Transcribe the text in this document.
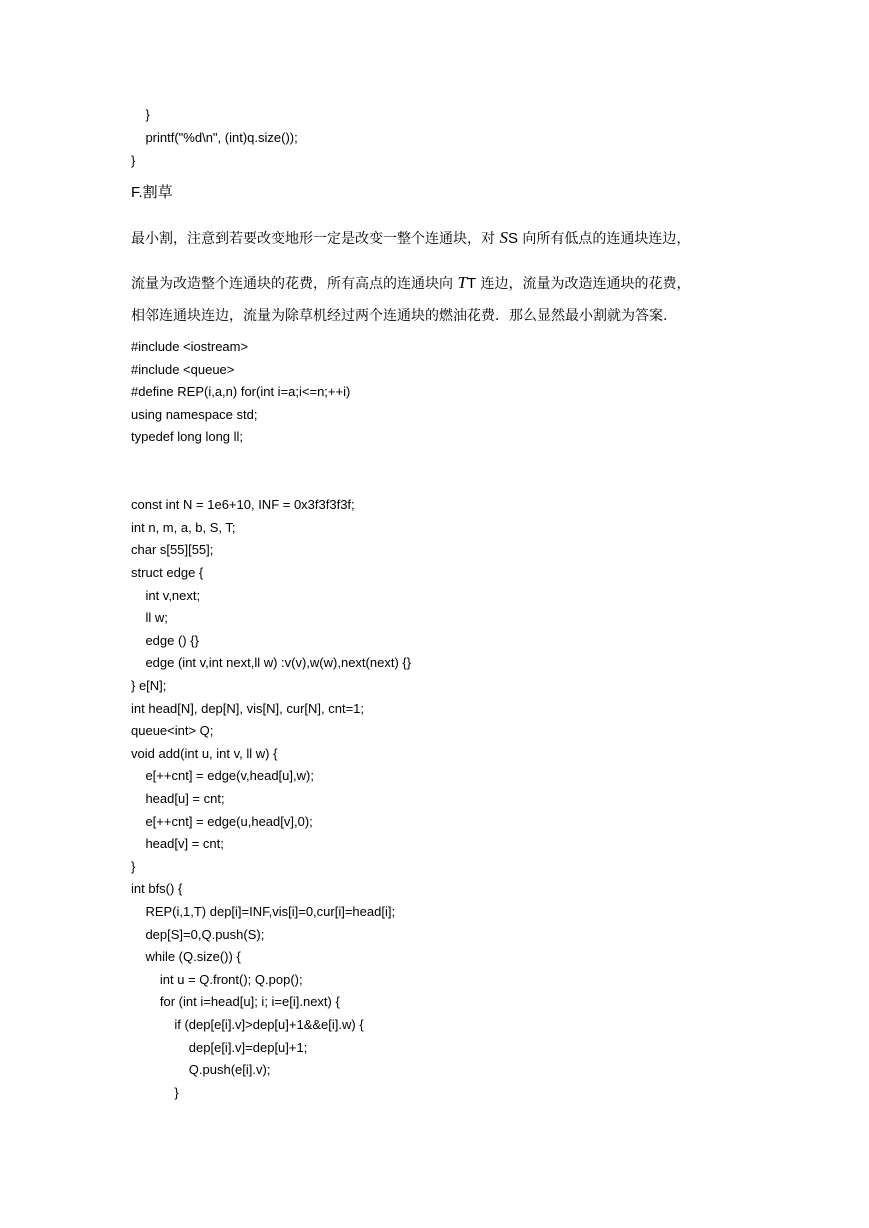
}
printf("%d\n", (int)q.size());
F.割草
最小割，注意到若要改变地形一定是改变一整个连通块，对 SS 向所有低点的连通块连边，
流量为改造整个连通块的花费，所有高点的连通块向 TT 连边，流量为改造连通块的花费，
相邻连通块连边，流量为除草机经过两个连通块的燃油花费．那么显然最小割就为答案.
#include <iostream>
#include <queue>
#define REP(i,a,n) for(int i=a;i<=n;++i)
using namespace std;
typedef long long ll;
const int N = 1e6+10, INF = 0x3f3f3f3f;
int n, m, a, b, S, T;
char s[55][55];
struct edge {
int v,next;
ll w;
edge () {}
edge (int v,int next,ll w) :v(v),w(w),next(next) {}
} e[N];
int head[N], dep[N], vis[N], cur[N], cnt=1;
queue<int> Q;
void add(int u, int v, ll w) {
e[++cnt] = edge(v,head[u],w);
head[u] = cnt;
e[++cnt] = edge(u,head[v],0);
head[v] = cnt;
}
int bfs() {
REP(i,1,T) dep[i]=INF,vis[i]=0,cur[i]=head[i];
dep[S]=0,Q.push(S);
while (Q.size()) {
int u = Q.front(); Q.pop();
for (int i=head[u]; i; i=e[i].next) {
if (dep[e[i].v]>dep[u]+1&&e[i].w) {
dep[e[i].v]=dep[u]+1;
Q.push(e[i].v);
}
}
